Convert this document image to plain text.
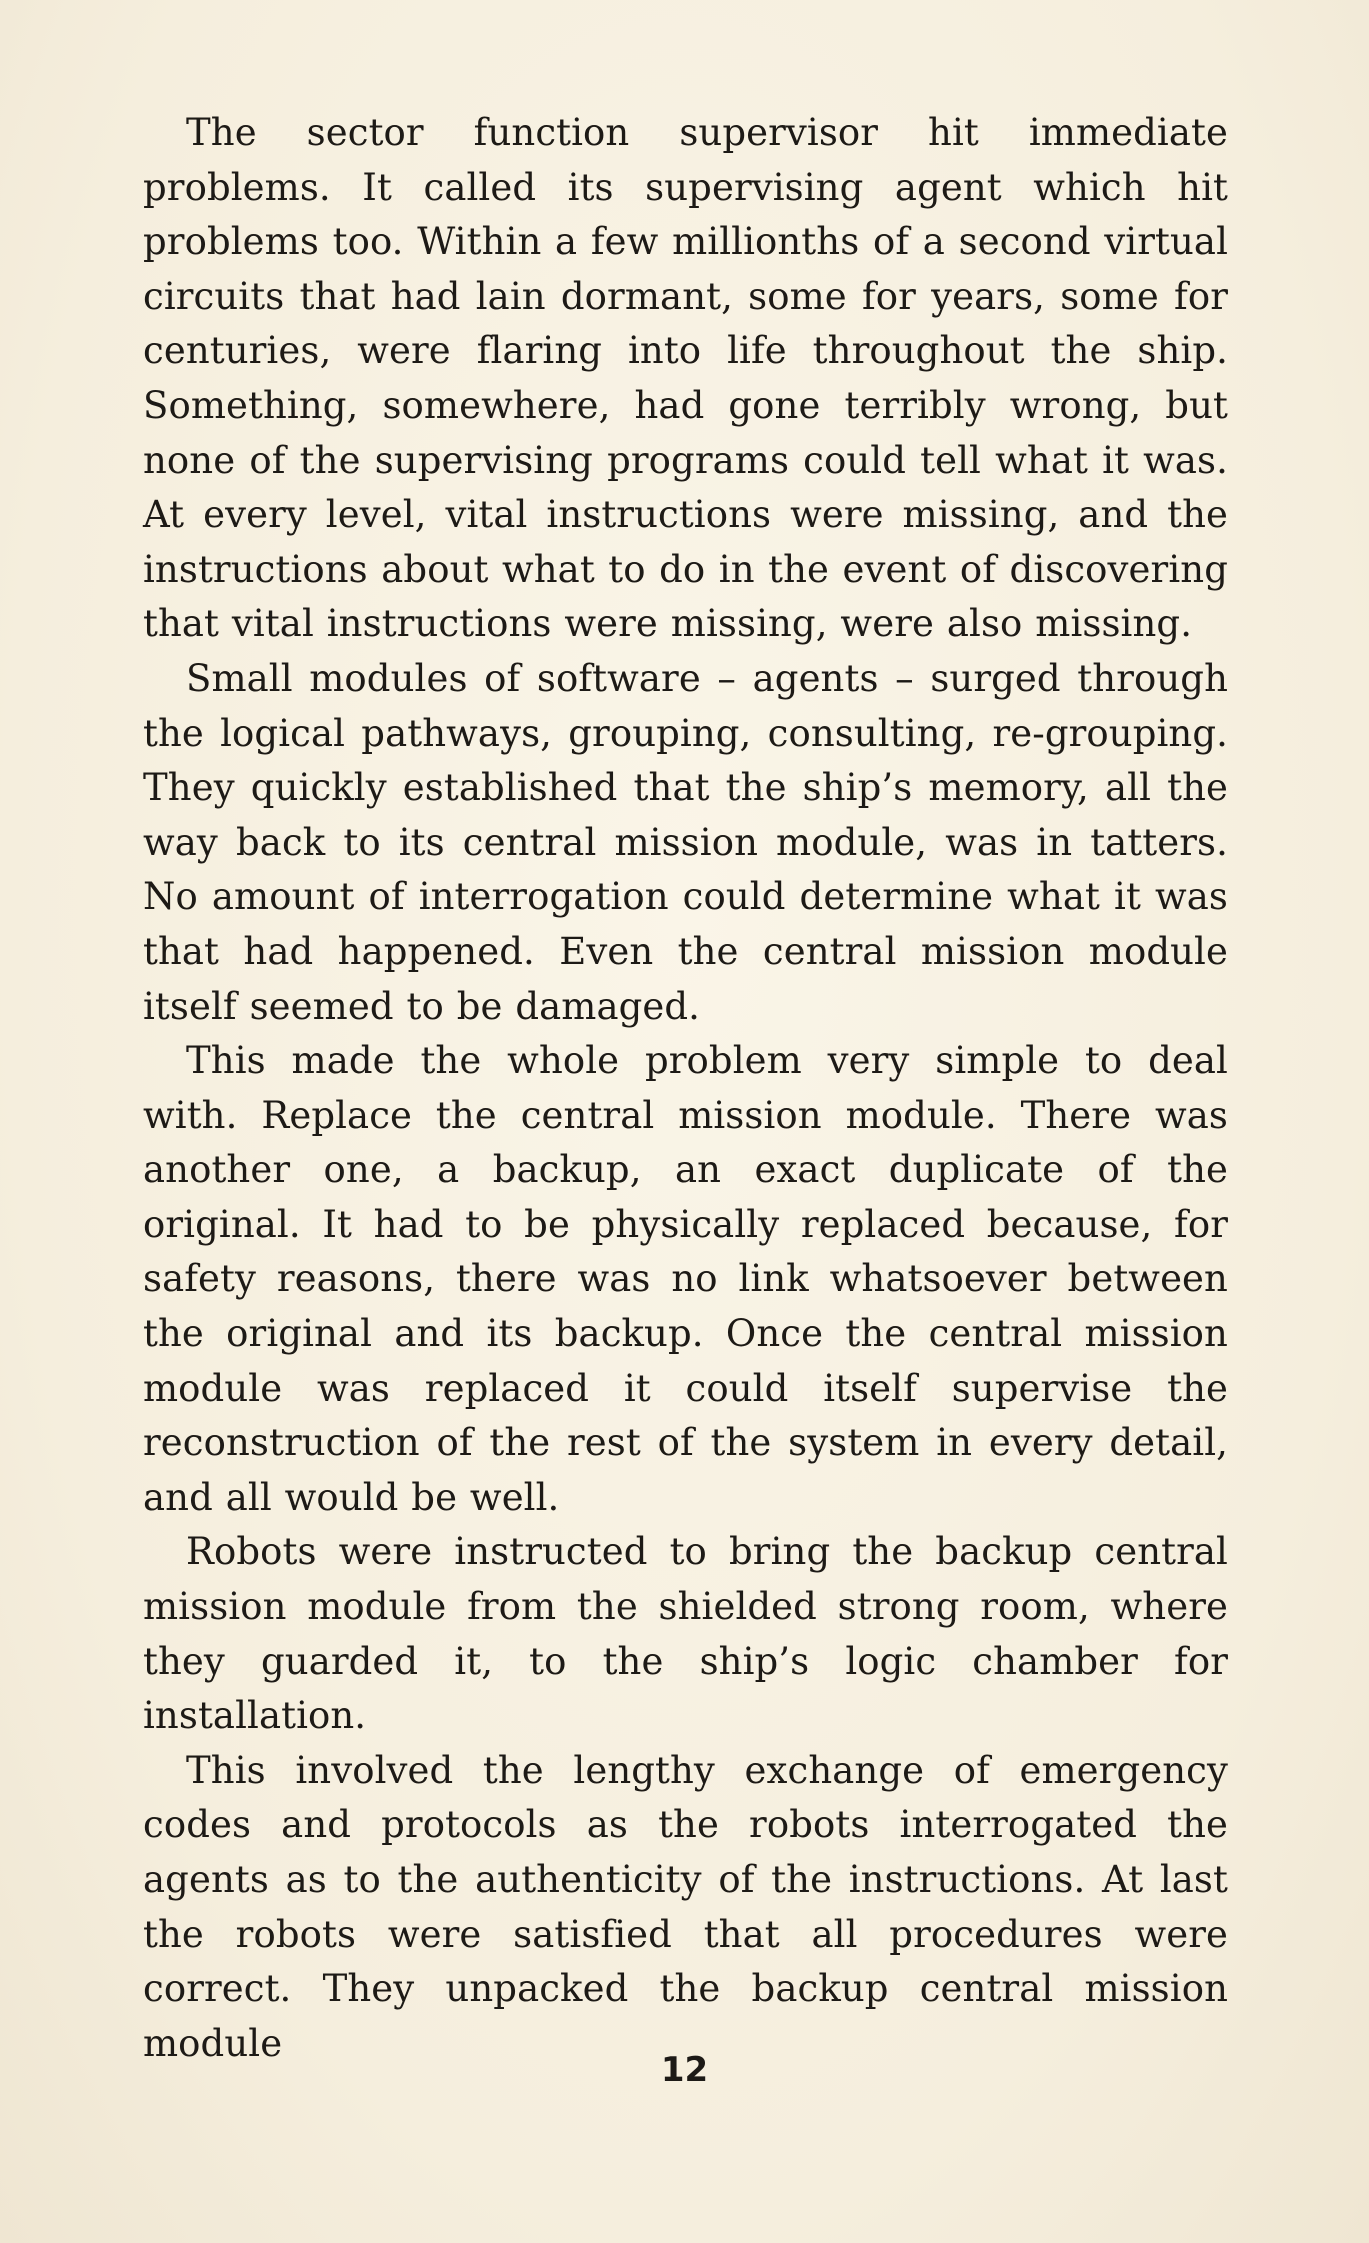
The sector function supervisor hit immediate problems. It called its supervising agent which hit problems too. Within a few millionths of a second virtual circuits that had lain dormant, some for years, some for centuries, were flaring into life throughout the ship. Something, somewhere, had gone terribly wrong, but none of the supervising programs could tell what it was. At every level, vital instructions were missing, and the instructions about what to do in the event of discovering that vital instructions were missing, were also missing.

Small modules of software – agents – surged through the logical pathways, grouping, consulting, re-grouping. They quickly established that the ship’s memory, all the way back to its central mission module, was in tatters. No amount of interrogation could determine what it was that had happened. Even the central mission module itself seemed to be damaged.

This made the whole problem very simple to deal with. Replace the central mission module. There was another one, a backup, an exact duplicate of the original. It had to be physically replaced because, for safety reasons, there was no link whatsoever between the original and its backup. Once the central mission module was replaced it could itself supervise the reconstruction of the rest of the system in every detail, and all would be well.

Robots were instructed to bring the backup central mission module from the shielded strong room, where they guarded it, to the ship’s logic chamber for installation.

This involved the lengthy exchange of emergency codes and protocols as the robots interrogated the agents as to the authenticity of the instructions. At last the robots were satisfied that all procedures were correct. They unpacked the backup central mission module

12
